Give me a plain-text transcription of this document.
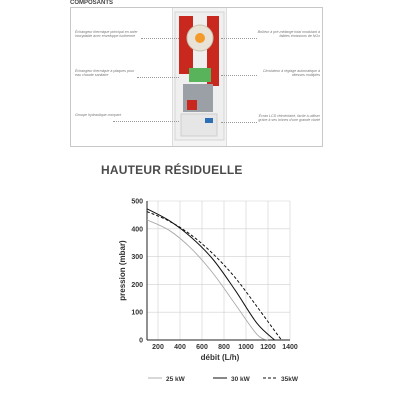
COMPOSANTS
Échangeur thermique principal en acier inoxydable avec enveloppe isotherme
Échangeur thermique à plaques pour eau chaude sanitaire
Groupe hydraulique compact
Brûleur à pré-mélange total modulant à faibles émissions de NOx
Circulateur à réglage automatique à vitesses multiples
Écran LCD rétroéclairé, facile à utiliser grâce à ses icônes d'une grande clarté
HAUTEUR RÉSIDUELLE
0
100
200
300
400
500
200 400 600 800 1000 1200 1400
débit (L/h)
pression (mbar)
25 kW	30 kW	35kW
